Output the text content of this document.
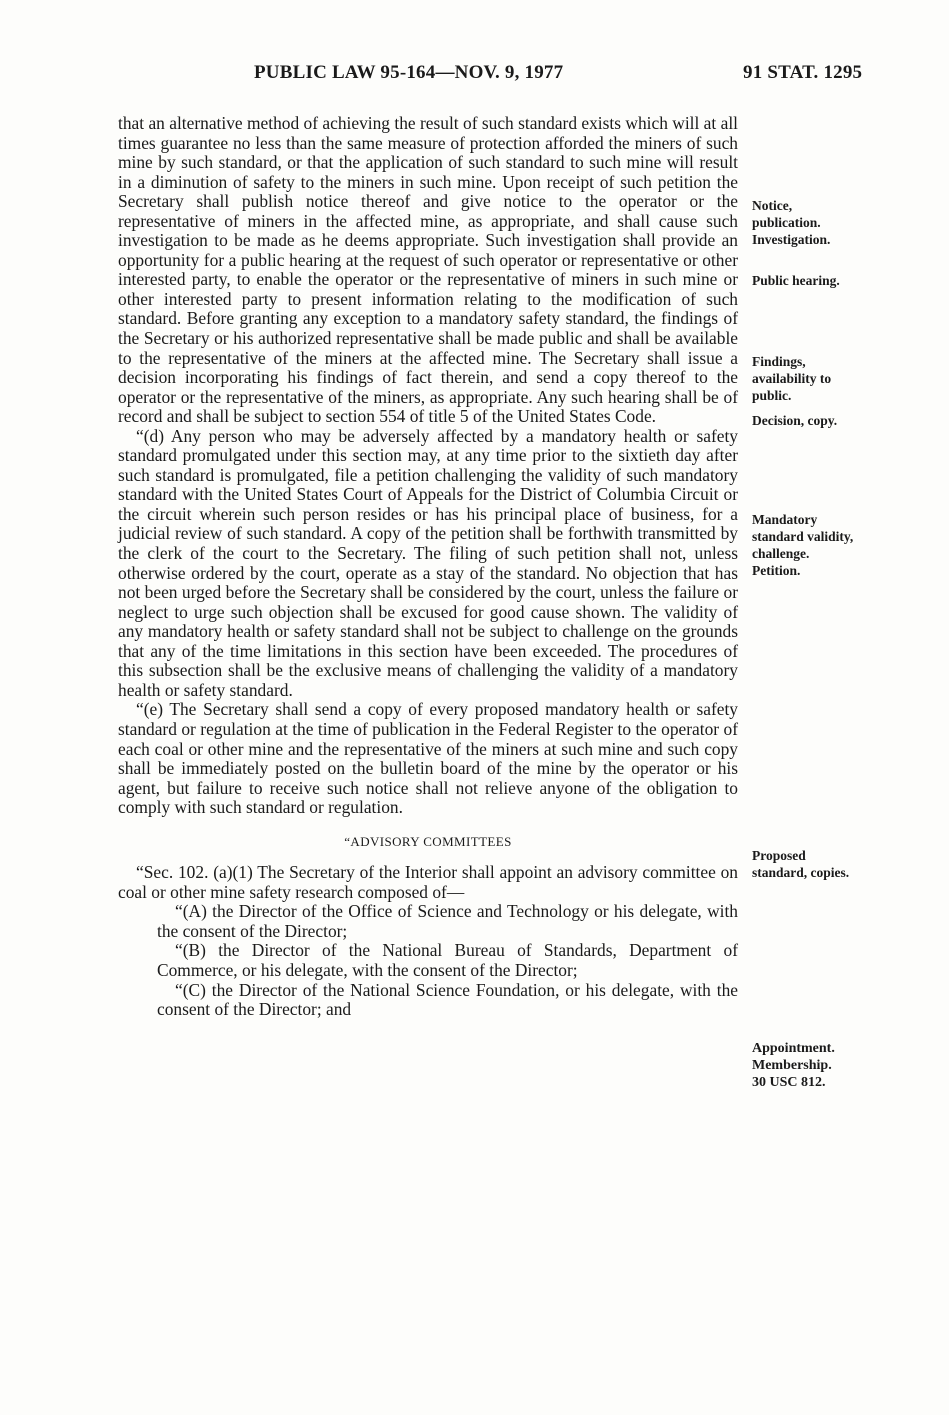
PUBLIC LAW 95-164—NOV. 9, 1977	91 STAT. 1295

that an alternative method of achieving the result of such standard exists which will at all times guarantee no less than the same measure of protection afforded the miners of such mine by such standard, or that the application of such standard to such mine will result in a diminution of safety to the miners in such mine. Upon receipt of such petition the Secretary shall publish notice thereof and give notice to the operator or the representative of miners in the affected mine, as appropriate, and shall cause such investigation to be made as he deems appropriate. Such investigation shall provide an opportunity for a public hearing at the request of such operator or representative or other interested party, to enable the operator or the representative of miners in such mine or other interested party to present information relating to the modification of such standard. Before granting any exception to a mandatory safety standard, the findings of the Secretary or his authorized representative shall be made public and shall be available to the representative of the miners at the affected mine. The Secretary shall issue a decision incorporating his findings of fact therein, and send a copy thereof to the operator or the representative of the miners, as appropriate. Any such hearing shall be of record and shall be subject to section 554 of title 5 of the United States Code.

“(d) Any person who may be adversely affected by a mandatory health or safety standard promulgated under this section may, at any time prior to the sixtieth day after such standard is promulgated, file a petition challenging the validity of such mandatory standard with the United States Court of Appeals for the District of Columbia Circuit or the circuit wherein such person resides or has his principal place of business, for a judicial review of such standard. A copy of the petition shall be forthwith transmitted by the clerk of the court to the Secretary. The filing of such petition shall not, unless otherwise ordered by the court, operate as a stay of the standard. No objection that has not been urged before the Secretary shall be considered by the court, unless the failure or neglect to urge such objection shall be excused for good cause shown. The validity of any mandatory health or safety standard shall not be subject to challenge on the grounds that any of the time limitations in this section have been exceeded. The procedures of this subsection shall be the exclusive means of challenging the validity of a mandatory health or safety standard.

“(e) The Secretary shall send a copy of every proposed mandatory health or safety standard or regulation at the time of publication in the Federal Register to the operator of each coal or other mine and the representative of the miners at such mine and such copy shall be immediately posted on the bulletin board of the mine by the operator or his agent, but failure to receive such notice shall not relieve anyone of the obligation to comply with such standard or regulation.

“ADVISORY COMMITTEES

“Sec. 102. (a)(1) The Secretary of the Interior shall appoint an advisory committee on coal or other mine safety research composed of—

“(A) the Director of the Office of Science and Technology or his delegate, with the consent of the Director;

“(B) the Director of the National Bureau of Standards, Department of Commerce, or his delegate, with the consent of the Director;

“(C) the Director of the National Science Foundation, or his delegate, with the consent of the Director; and

Notice,
publication.
Investigation.
Public hearing.
Findings,
availability to
public.
Decision, copy.
Mandatory
standard validity,
challenge.
Petition.
Proposed
standard, copies.
Appointment.
Membership.
30 USC 812.
